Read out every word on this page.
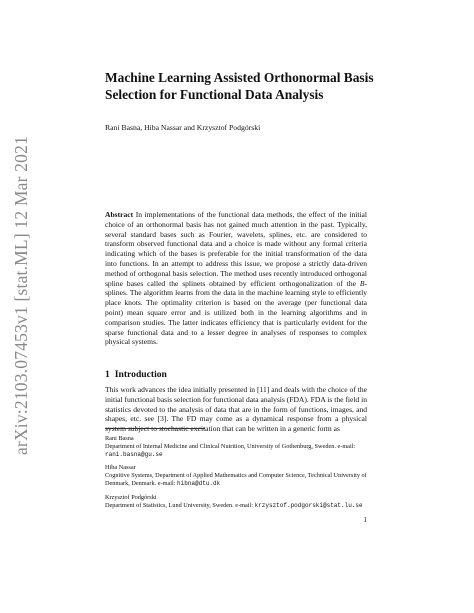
arXiv:2103.07453v1 [stat.ML] 12 Mar 2021
Machine Learning Assisted Orthonormal Basis Selection for Functional Data Analysis
Rani Basna, Hiba Nassar and Krzysztof Podgórski
Abstract In implementations of the functional data methods, the effect of the initial choice of an orthonormal basis has not gained much attention in the past. Typically, several standard bases such as Fourier, wavelets, splines, etc. are considered to transform observed functional data and a choice is made without any formal criteria indicating which of the bases is preferable for the initial transformation of the data into functions. In an attempt to address this issue, we propose a strictly data-driven method of orthogonal basis selection. The method uses recently introduced orthogonal spline bases called the splinets obtained by efficient orthogonalization of the B-splines. The algorithm learns from the data in the machine learning style to efficiently place knots. The optimality criterion is based on the average (per functional data point) mean square error and is utilized both in the learning algorithms and in comparison studies. The latter indicates efficiency that is particularly evident for the sparse functional data and to a lesser degree in analyses of responses to complex physical systems.
1 Introduction
This work advances the idea initially presented in [11] and deals with the choice of the initial functional basis selection for functional data analysis (FDA). FDA is the field in statistics devoted to the analysis of data that are in the form of functions, images, and shapes, etc. see [3]. The FD may come as a dynamical response from a physical system subject to stochastic excitation that can be written in a generic form as
Rani Basna
Department of Internal Medicine and Clinical Nutrition, University of Gothenburg, Sweden. e-mail: rani.basna@gu.se
Hiba Nassar
Cognitive Systems, Department of Applied Mathematics and Computer Science, Technical University of Denmark, Denmark. e-mail: hibna@dtu.dk
Krzysztof Podgórski
Department of Statistics, Lund University, Sweden. e-mail: krzysztof.podgorski@stat.lu.se
1
